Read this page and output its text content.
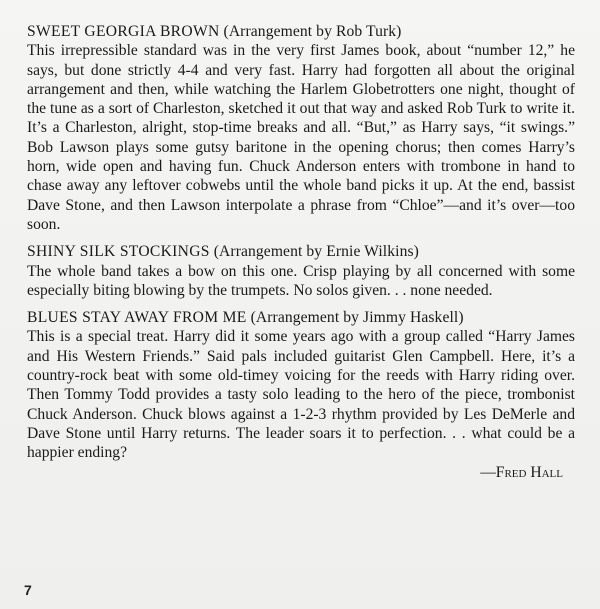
SWEET GEORGIA BROWN (Arrangement by Rob Turk)

This irrepressible standard was in the very first James book, about “number 12,” he says, but done strictly 4-4 and very fast. Harry had forgotten all about the original arrangement and then, while watching the Harlem Globetrotters one night, thought of the tune as a sort of Charleston, sketched it out that way and asked Rob Turk to write it. It’s a Charleston, alright, stop-time breaks and all. “But,” as Harry says, “it swings.” Bob Lawson plays some gutsy baritone in the opening chorus; then comes Harry’s horn, wide open and having fun. Chuck Anderson enters with trombone in hand to chase away any leftover cobwebs until the whole band picks it up. At the end, bassist Dave Stone, and then Lawson interpolate a phrase from “Chloe”—and it’s over—too soon.

SHINY SILK STOCKINGS (Arrangement by Ernie Wilkins)

The whole band takes a bow on this one. Crisp playing by all concerned with some especially biting blowing by the trumpets. No solos given. . . none needed.

BLUES STAY AWAY FROM ME (Arrangement by Jimmy Haskell)

This is a special treat. Harry did it some years ago with a group called “Harry James and His Western Friends.” Said pals included guitarist Glen Campbell. Here, it’s a country-rock beat with some old-timey voicing for the reeds with Harry riding over. Then Tommy Todd provides a tasty solo leading to the hero of the piece, trombonist Chuck Anderson. Chuck blows against a 1-2-3 rhythm provided by Les DeMerle and Dave Stone until Harry returns. The leader soars it to perfection. . . what could be a happier ending?

—Fred Hall

7
